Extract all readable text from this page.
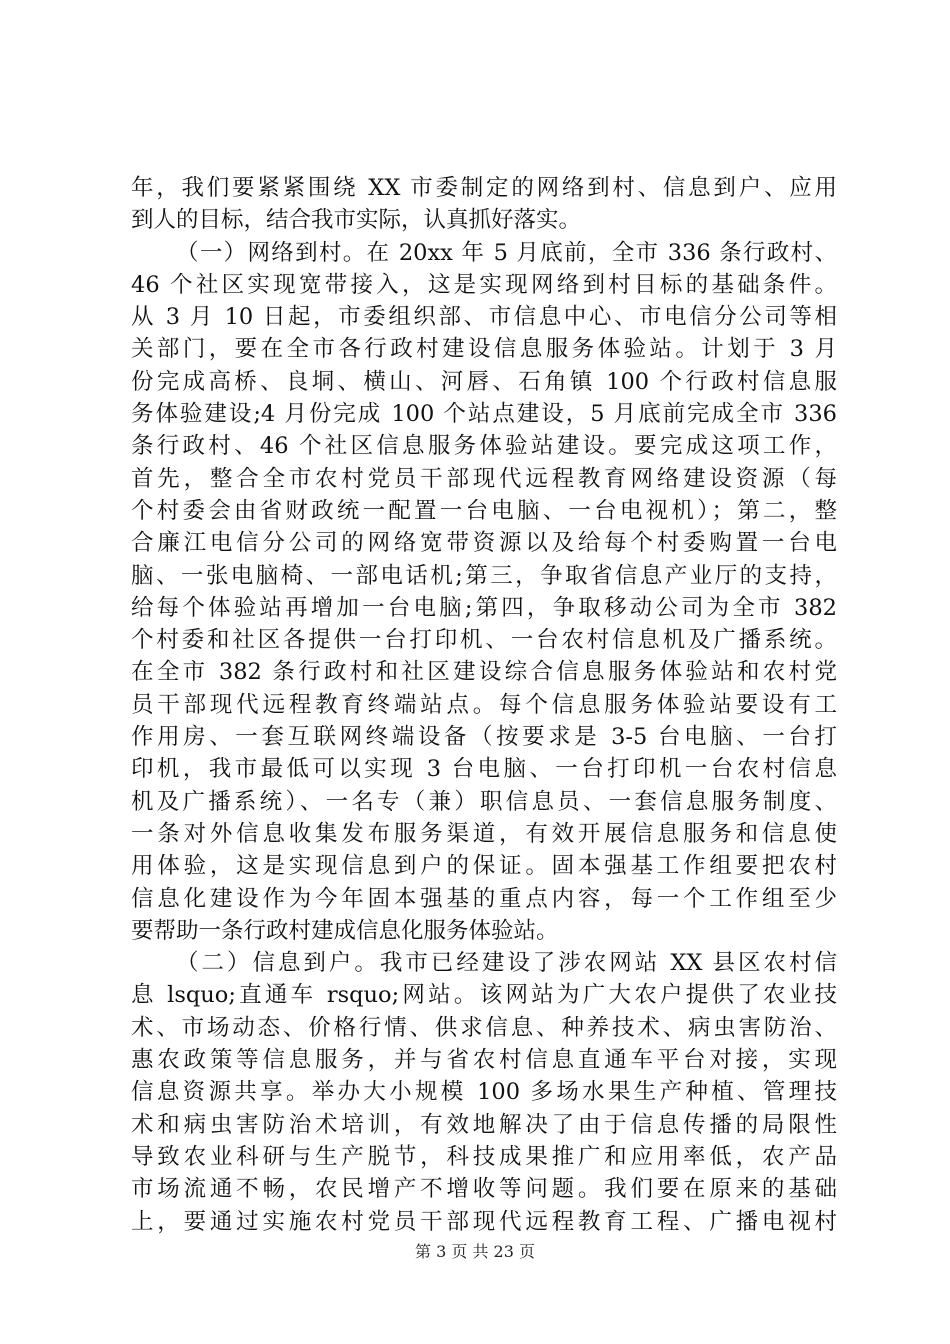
年，我们要紧紧围绕 XX 市委制定的网络到村、信息到户、应用
到人的目标，结合我市实际，认真抓好落实。
（一）网络到村。在 20xx 年 5 月底前，全市 336 条行政村、
46 个社区实现宽带接入，这是实现网络到村目标的基础条件。
从 3 月 10 日起，市委组织部、市信息中心、市电信分公司等相
关部门，要在全市各行政村建设信息服务体验站。计划于 3 月
份完成高桥、良垌、横山、河唇、石角镇 100 个行政村信息服
务体验建设;4 月份完成 100 个站点建设，5 月底前完成全市 336
条行政村、46 个社区信息服务体验站建设。要完成这项工作，
首先，整合全市农村党员干部现代远程教育网络建设资源（每
个村委会由省财政统一配置一台电脑、一台电视机）；第二，整
合廉江电信分公司的网络宽带资源以及给每个村委购置一台电
脑、一张电脑椅、一部电话机;第三，争取省信息产业厅的支持，
给每个体验站再增加一台电脑;第四，争取移动公司为全市 382
个村委和社区各提供一台打印机、一台农村信息机及广播系统。
在全市 382 条行政村和社区建设综合信息服务体验站和农村党
员干部现代远程教育终端站点。每个信息服务体验站要设有工
作用房、一套互联网终端设备（按要求是 3-5 台电脑、一台打
印机，我市最低可以实现 3 台电脑、一台打印机一台农村信息
机及广播系统）、一名专（兼）职信息员、一套信息服务制度、
一条对外信息收集发布服务渠道，有效开展信息服务和信息使
用体验，这是实现信息到户的保证。固本强基工作组要把农村
信息化建设作为今年固本强基的重点内容，每一个工作组至少
要帮助一条行政村建成信息化服务体验站。
（二）信息到户。我市已经建设了涉农网站 XX 县区农村信
息 lsquo;直通车 rsquo;网站。该网站为广大农户提供了农业技
术、市场动态、价格行情、供求信息、种养技术、病虫害防治、
惠农政策等信息服务，并与省农村信息直通车平台对接，实现
信息资源共享。举办大小规模 100 多场水果生产种植、管理技
术和病虫害防治术培训，有效地解决了由于信息传播的局限性
导致农业科研与生产脱节，科技成果推广和应用率低，农产品
市场流通不畅，农民增产不增收等问题。我们要在原来的基础
上，要通过实施农村党员干部现代远程教育工程、广播电视村
第 3 页 共 23 页
